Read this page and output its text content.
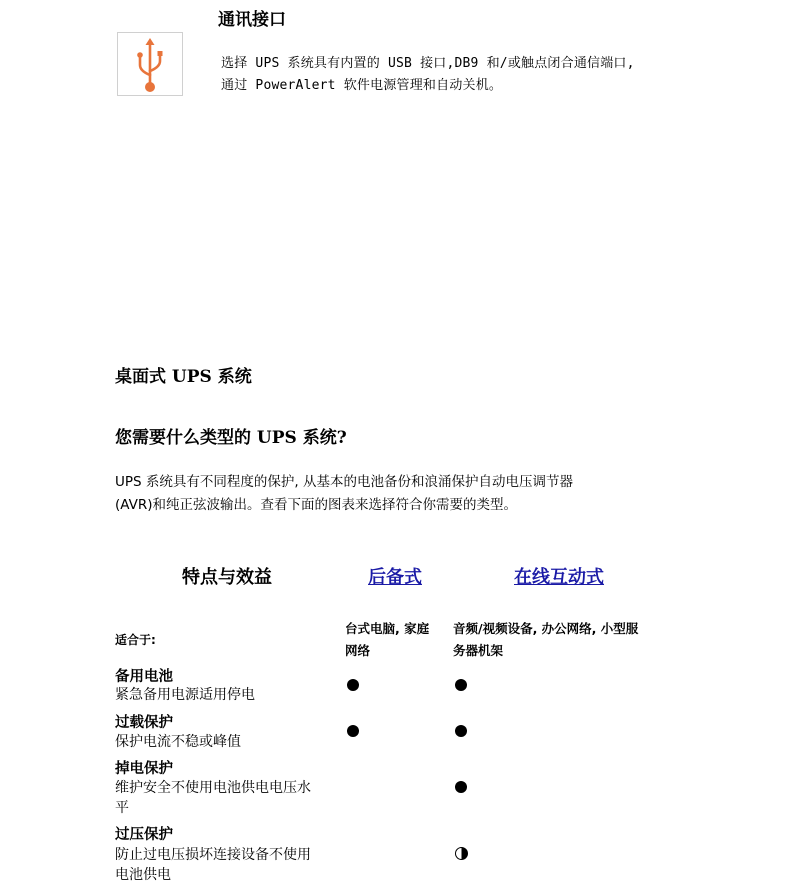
通讯接口
选择 UPS 系统具有内置的 USB 接口,DB9 和/或触点闭合通信端口,
通过 PowerAlert 软件电源管理和自动关机。
桌面式 UPS 系统
您需要什么类型的 UPS 系统?
UPS 系统具有不同程度的保护, 从基本的电池备份和浪涌保护自动电压调节器
(AVR)和纯正弦波输出。查看下面的图表来选择符合你需要的类型。
特点与效益	后备式	在线互动式
适合于:
台式电脑, 家庭
网络
音频/视频设备, 办公网络, 小型服
务器机架
备用电池
紧急备用电源适用停电
过载保护
保护电流不稳或峰值
掉电保护
维护安全不使用电池供电电压水
平
过压保护
防止过电压损坏连接设备不使用
电池供电
